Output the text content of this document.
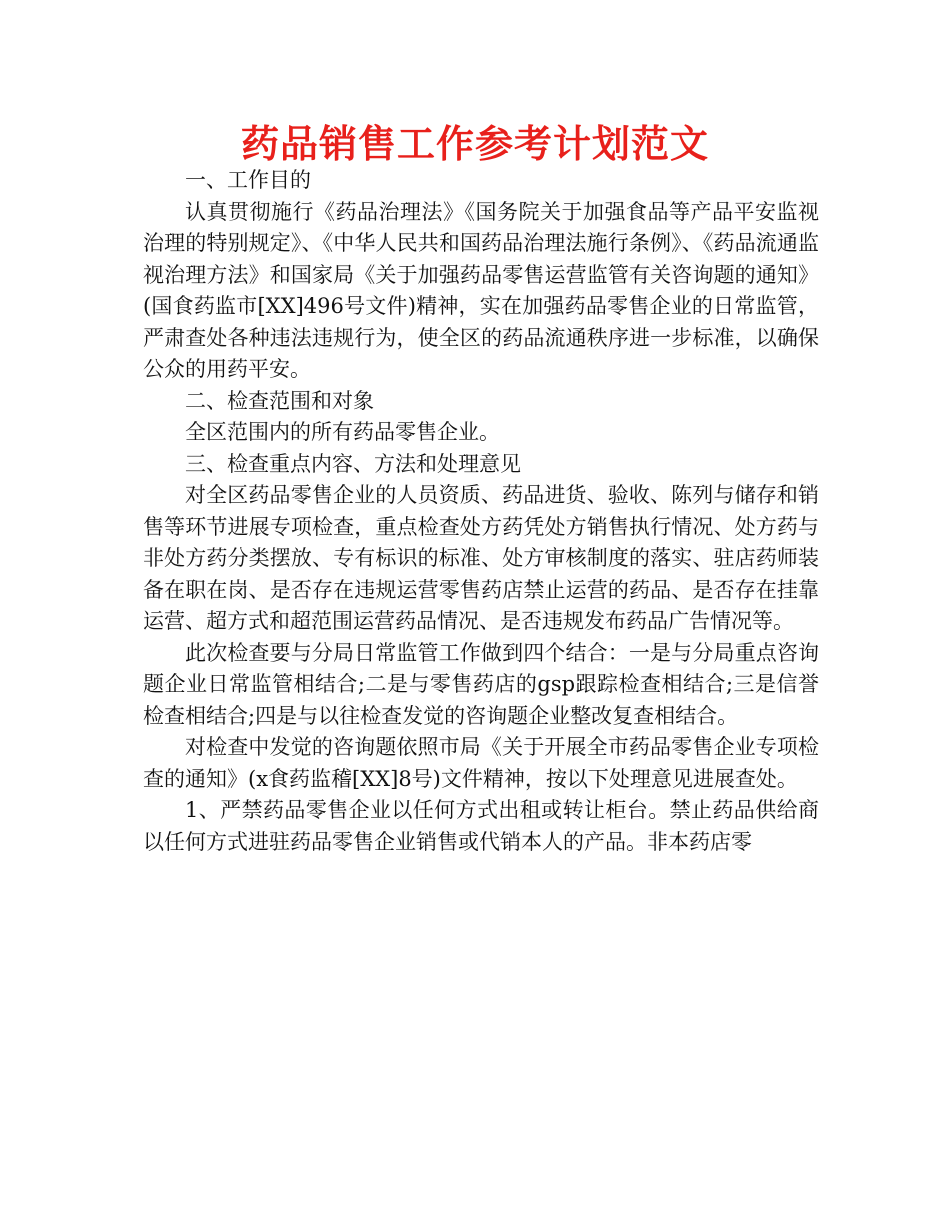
药品销售工作参考计划范文

一、工作目的

认真贯彻施行《药品治理法》《国务院关于加强食品等产品平安监视治理的特别规定》、《中华人民共和国药品治理法施行条例》、《药品流通监视治理方法》和国家局《关于加强药品零售运营监管有关咨询题的通知》(国食药监市[XX]496号文件)精神，实在加强药品零售企业的日常监管，严肃查处各种违法违规行为，使全区的药品流通秩序进一步标准，以确保公众的用药平安。

二、检查范围和对象

全区范围内的所有药品零售企业。

三、检查重点内容、方法和处理意见

对全区药品零售企业的人员资质、药品进货、验收、陈列与储存和销售等环节进展专项检查，重点检查处方药凭处方销售执行情况、处方药与非处方药分类摆放、专有标识的标准、处方审核制度的落实、驻店药师装备在职在岗、是否存在违规运营零售药店禁止运营的药品、是否存在挂靠运营、超方式和超范围运营药品情况、是否违规发布药品广告情况等。

此次检查要与分局日常监管工作做到四个结合：一是与分局重点咨询题企业日常监管相结合;二是与零售药店的gsp跟踪检查相结合;三是信誉检查相结合;四是与以往检查发觉的咨询题企业整改复查相结合。

对检查中发觉的咨询题依照市局《关于开展全市药品零售企业专项检查的通知》(x食药监稽[XX]8号)文件精神，按以下处理意见进展查处。

1、严禁药品零售企业以任何方式出租或转让柜台。禁止药品供给商以任何方式进驻药品零售企业销售或代销本人的产品。非本药店零
